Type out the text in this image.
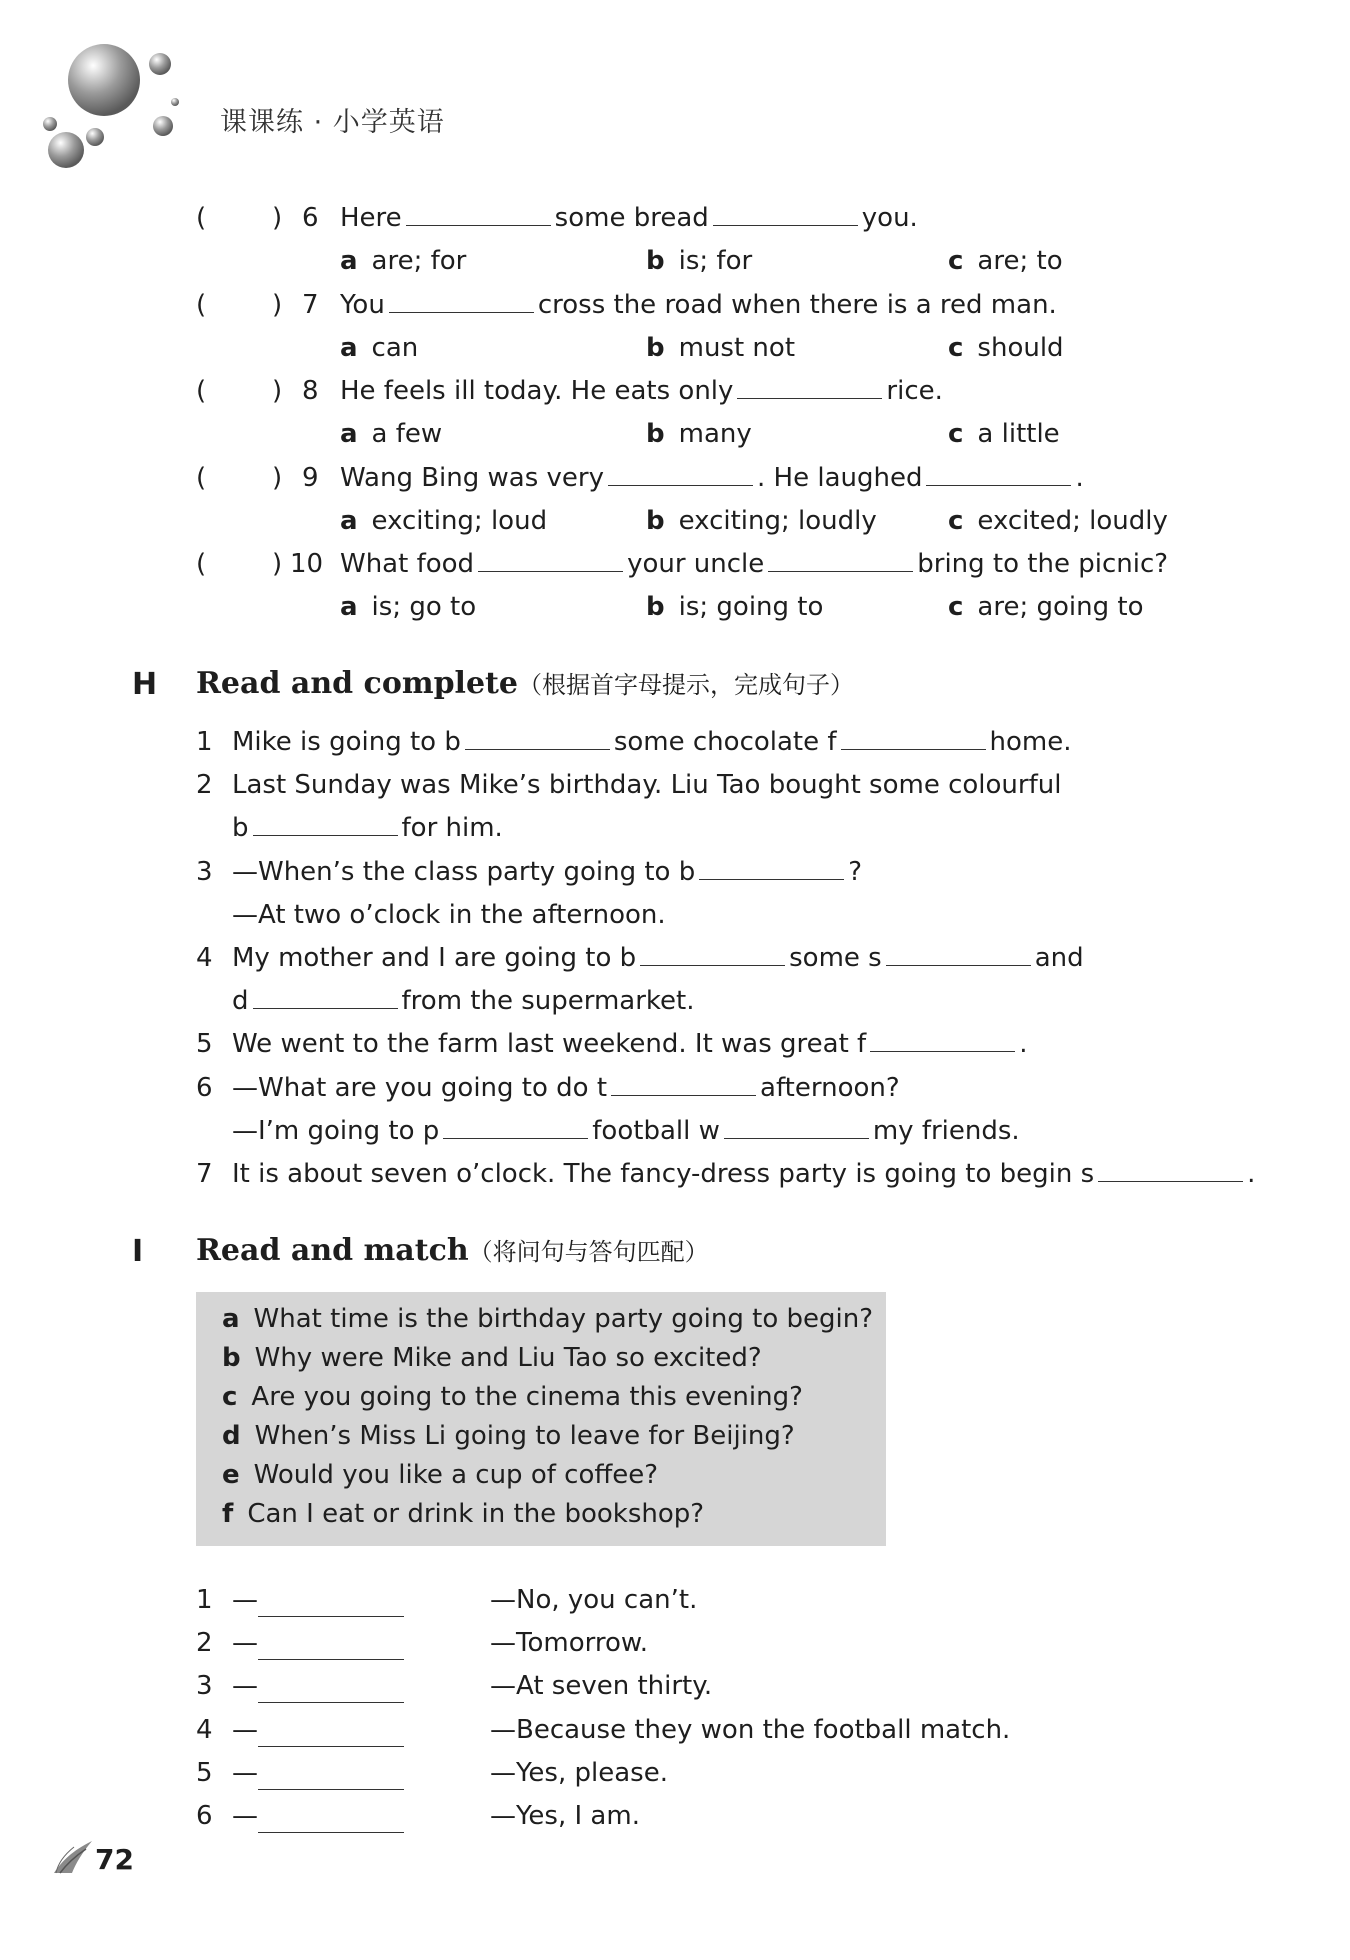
课课练 · 小学英语
(	) 6 Here	some bread	you.
a are; for	b is; for	c are; to
(	) 7 You	cross the road when there is a red man.
a can	b must not	c should
(	) 8 He feels ill today. He eats only	rice.
a a few	b many	c a little
(	) 9 Wang Bing was very	. He laughed	.
a exciting; loud	b exciting; loudly	c excited; loudly
(	) 10 What food	your uncle	bring to the picnic?
a is; go to	b is; going to	c are; going to
H Read and complete（根据首字母提示，完成句子）
1 Mike is going to b	some chocolate f	home.
2 Last Sunday was Mike’s birthday. Liu Tao bought some colourful
b	for him.
3 —When’s the class party going to b	?
—At two o’clock in the afternoon.
4 My mother and I are going to b	some s	and
d	from the supermarket.
5 We went to the farm last weekend. It was great f	.
6 —What are you going to do t	afternoon?
—I’m going to p	football w	my friends.
7 It is about seven o’clock. The fancy-dress party is going to begin s	.
I Read and match（将问句与答句匹配）
a What time is the birthday party going to begin?
b Why were Mike and Liu Tao so excited?
c Are you going to the cinema this evening?
d When’s Miss Li going to leave for Beijing?
e Would you like a cup of coffee?
f Can I eat or drink in the bookshop?
1 —	—No, you can’t.
2 —	—Tomorrow.
3 —	—At seven thirty.
4 —	—Because they won the football match.
5 —	—Yes, please.
6 —	—Yes, I am.
72
